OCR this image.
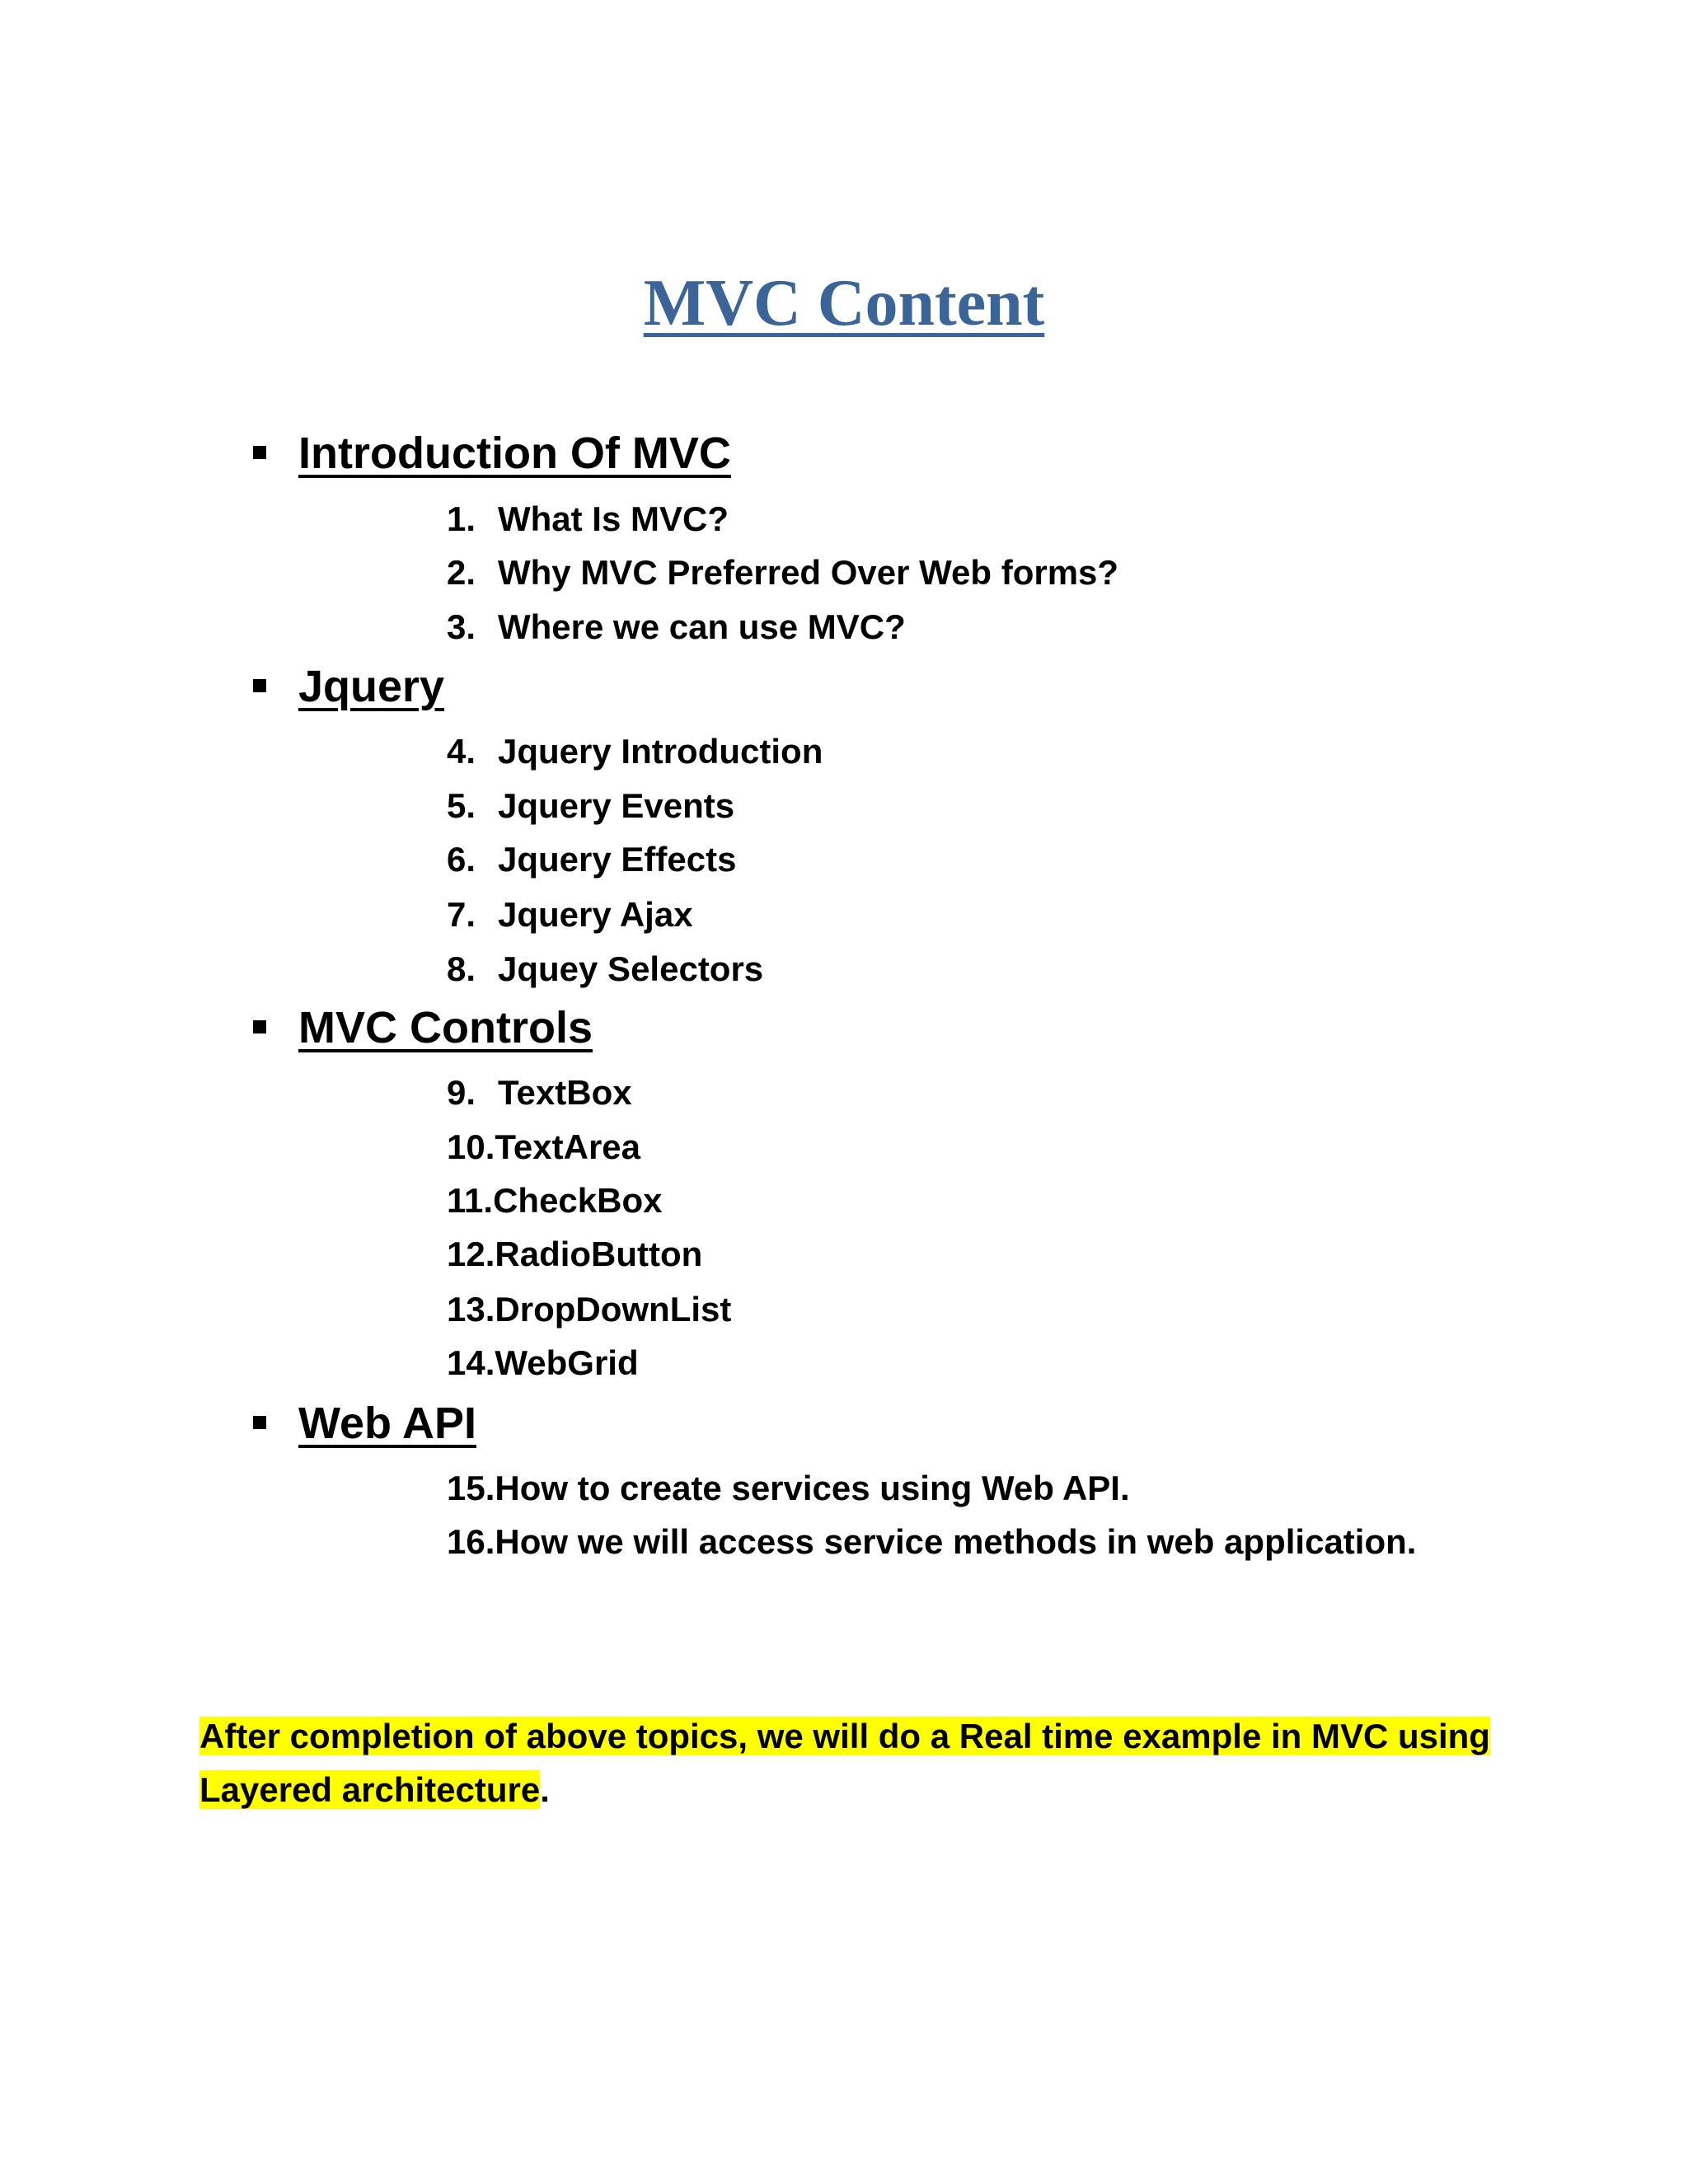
MVC Content
Introduction Of MVC
1. What Is MVC?
2. Why MVC Preferred Over Web forms?
3. Where we can use MVC?
Jquery
4. Jquery Introduction
5. Jquery Events
6. Jquery Effects
7. Jquery Ajax
8. Jquey Selectors
MVC Controls
9. TextBox
10.TextArea
11.CheckBox
12.RadioButton
13.DropDownList
14.WebGrid
Web API
15.How to create services using Web API.
16.How we will access service methods in web application.
After completion of above topics, we will do a Real time example in MVC using Layered architecture.
